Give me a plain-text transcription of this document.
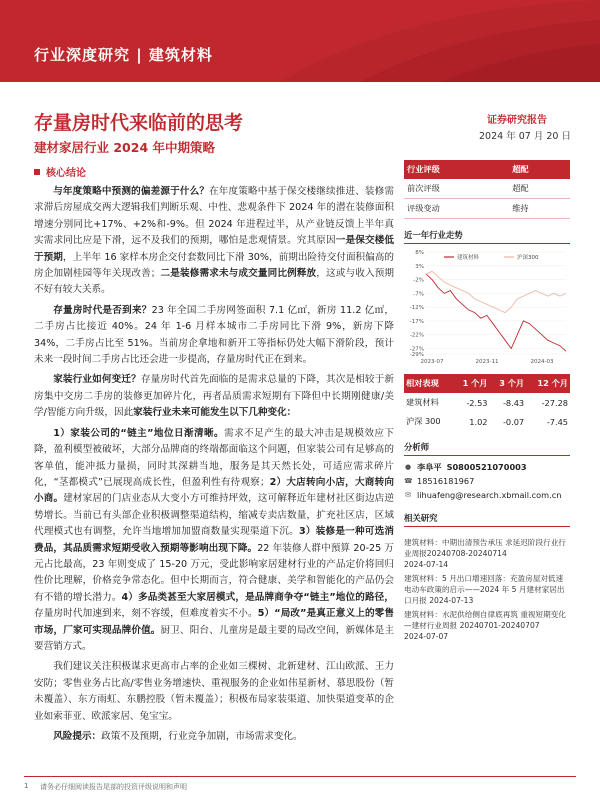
行业深度研究 | 建筑材料
存量房时代来临前的思考
建材家居行业 2024 年中期策略
证券研究报告
2024 年 07 月 20 日
核心结论

与年度策略中预测的偏差源于什么？在年度策略中基于保交楼继续推进、装修需求滞后房屋成交两大逻辑我们判断乐观、中性、悲观条件下 2024 年的潜在装修面积增速分别同比+17%、+2%和-9%。但 2024 年进程过半，从产业链反馈上半年真实需求同比应是下滑，远不及我们的预期，哪怕是悲观情景。究其原因一是保交楼低于预期，上半年 16 家样本房企交付套数同比下滑 30%，前期出险待交付面积偏高的房企加剧桂园等年关现改善；二是装修需求未与成交量同比例释放，这或与收入预期不好有较大关系。

存量房时代是否到来？23 年全国二手房网签面积 7.1 亿㎡，新房 11.2 亿㎡，二手房占比接近 40%。24 年 1-6 月样本城市二手房同比下滑 9%，新房下降 34%，二手房占比至 51%。当前房企拿地和新开工等指标仍处大幅下滑阶段，预计未来一段时间二手房占比还会进一步提高，存量房时代正在到来。

家装行业如何变迁？存量房时代首先面临的是需求总量的下降，其次是相较于新房集中交房二手房的装修更加碎片化，再者品质需求短期有下降但中长期刚健康/美学/智能方向升级，因此家装行业未来可能发生以下几种变化：

1）家装公司的“链主”地位日渐清晰。需求不足产生的最大冲击是规模效应下降，盈利模型被破坏，大部分品牌商的终端都面临这个问题，但家装公司有足够高的客单值，能冲抵力量损，同时其深耕当地，服务是其天然长处，可适应需求碎片化，“茎都模式”已展现高成长性，但盈利性有待观察；2）大店转向小店，大商转向小商。建材家居的门店业态从大变小方可维持坪效，这可解释近年建材社区街边店逆势增长。当前已有头部企业积极调整渠道结构，缩减专卖店数量，扩充社区店，区域代理模式也有调整，允许当地增加加盟商数量实现渠道下沉。3）装修是一种可选消费品，其品质需求短期受收入预期等影响出现下降。22 年装修人群中預算 20-25 万元占比最高，23 年则变成了 15-20 万元，受此影响家居建材行业的产品定价将回归性价比理解，价格竞争常态化。但中长期而言，符合健康、美学和智能化的产品仍会有不错的增长潜力。4）多品类甚至大家居模式，是品牌商争夺“链主”地位的路径，存量房时代加速到来，刻不容缓，但难度着实不小。5）“局改”是真正意义上的零售市场，厂家可实现品牌价值。厨卫、阳台、儿童房是最主要的局改空间，新媒体是主要营销方式。

我们建议关注积极谋求更高市占率的企业如三棵树、北新建材、江山欧派、王力安防；零售业务占比高/零售业务增速快、重视服务的企业如伟星新材、慕思股份（暂未覆盖）、东方雨虹、东鹏控股（暂未覆盖）；积极布局家装渠道、加快渠道变革的企业如索菲亚、欧派家居、兔宝宝。

风险提示：政策不及预期，行业竞争加剧，市场需求变化。

行业评级	超配
前次评级	超配
评级变动	维持
近一年行业走势
8%
3%
-2%
-7%
-12%
-17%
-22%
-27%
-29%
2023-07	2023-11	2024-03
建筑材料	沪深300
相对表现	1 个月	3 个月	12 个月
建筑材料	-2.53	-8.43	-27.28
沪深 300	1.02	-0.07	-7.45
分析师
● 李阜平 S0800521070003
☎ 18516181967
✉ lihuafeng@research.xbmail.com.cn
相关研究
建筑材料：中期出清预告承压 求延迟阶段行业行业周报20240708-20240714
2024-07-14
建筑材料：5 月出口增速回落：充盈房屋对低速电动车政策的启示——2024 年 5 月建材家居出口月报 2024-07-13
建筑材料：水泥供给侧自律底再筑 重视短期变化—建材行业周报 20240701-20240707
2024-07-07
1 请务必仔细阅读报告尾部的投资评级说明和声明
